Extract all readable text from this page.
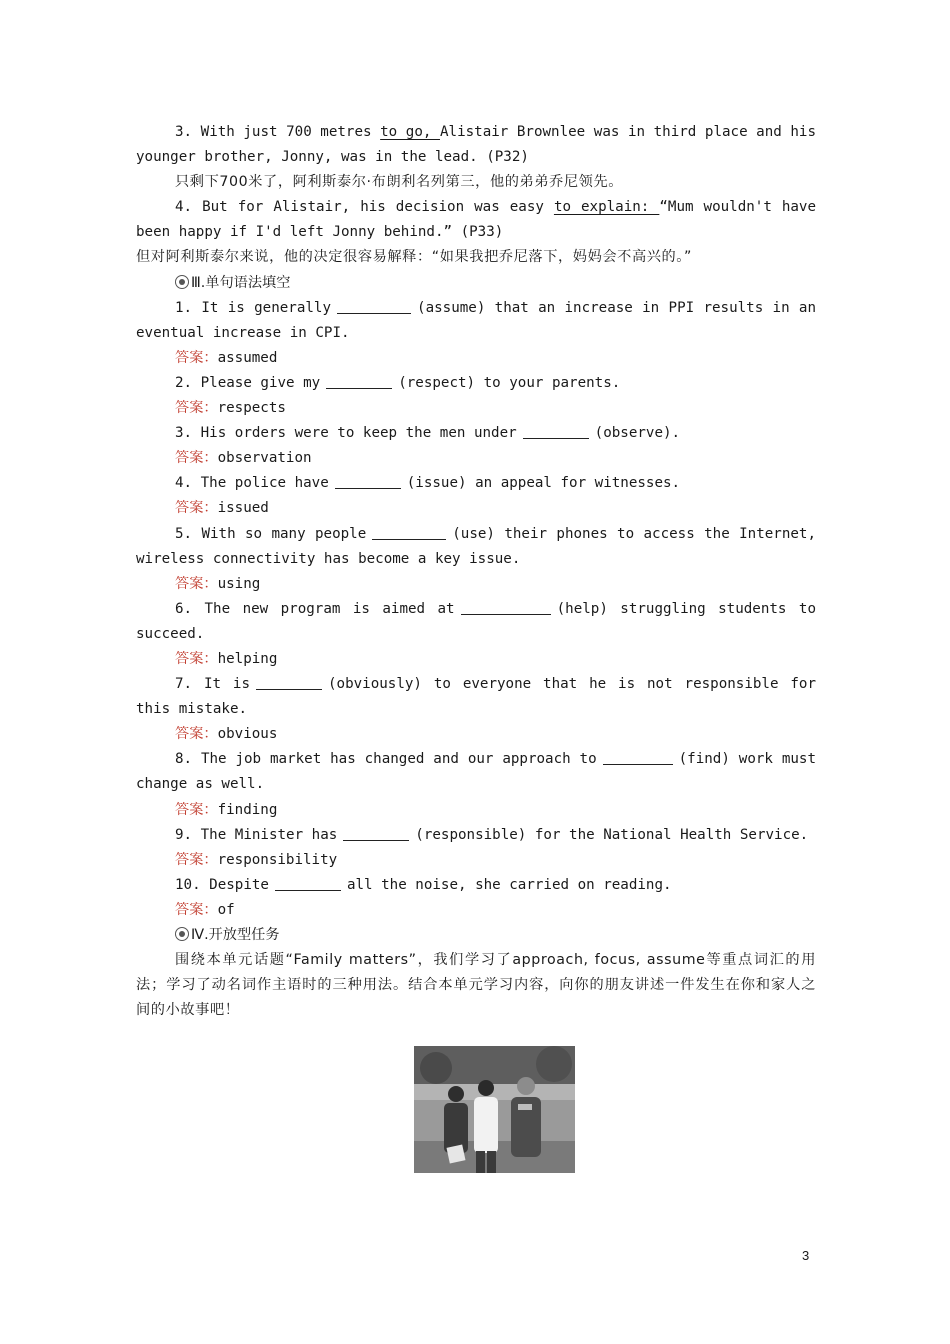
3. With just 700 metres to go, Alistair Brownlee was in third place and his younger brother, Jonny, was in the lead. (P32)

只剩下700米了，阿利斯泰尔·布朗利名列第三，他的弟弟乔尼领先。

4. But for Alistair, his decision was easy to explain: “Mum wouldn't have been happy if I'd left Jonny behind.” (P33)

但对阿利斯泰尔来说，他的决定很容易解释：“如果我把乔尼落下，妈妈会不高兴的。”

Ⅲ.单句语法填空

1. It is generally	(assume) that an increase in PPI results in an eventual increase in CPI.

答案：assumed

2. Please give my	(respect) to your parents.

答案：respects

3. His orders were to keep the men under	(observe).

答案：observation

4. The police have	(issue) an appeal for witnesses.

答案：issued

5. With so many people	(use) their phones to access the Internet, wireless connectivity has become a key issue.

答案：using

6. The new program is aimed at	(help) struggling students to succeed.

答案：helping

7. It is	(obviously) to everyone that he is not responsible for this mistake.

答案：obvious

8. The job market has changed and our approach to	(find) work must change as well.

答案：finding

9. The Minister has	(responsible) for the National Health Service.

答案：responsibility

10. Despite	all the noise, she carried on reading.

答案：of

Ⅳ.开放型任务

围绕本单元话题“Family matters”，我们学习了approach, focus, assume等重点词汇的用法；学习了动名词作主语时的三种用法。结合本单元学习内容，向你的朋友讲述一件发生在你和家人之间的小故事吧！

3
